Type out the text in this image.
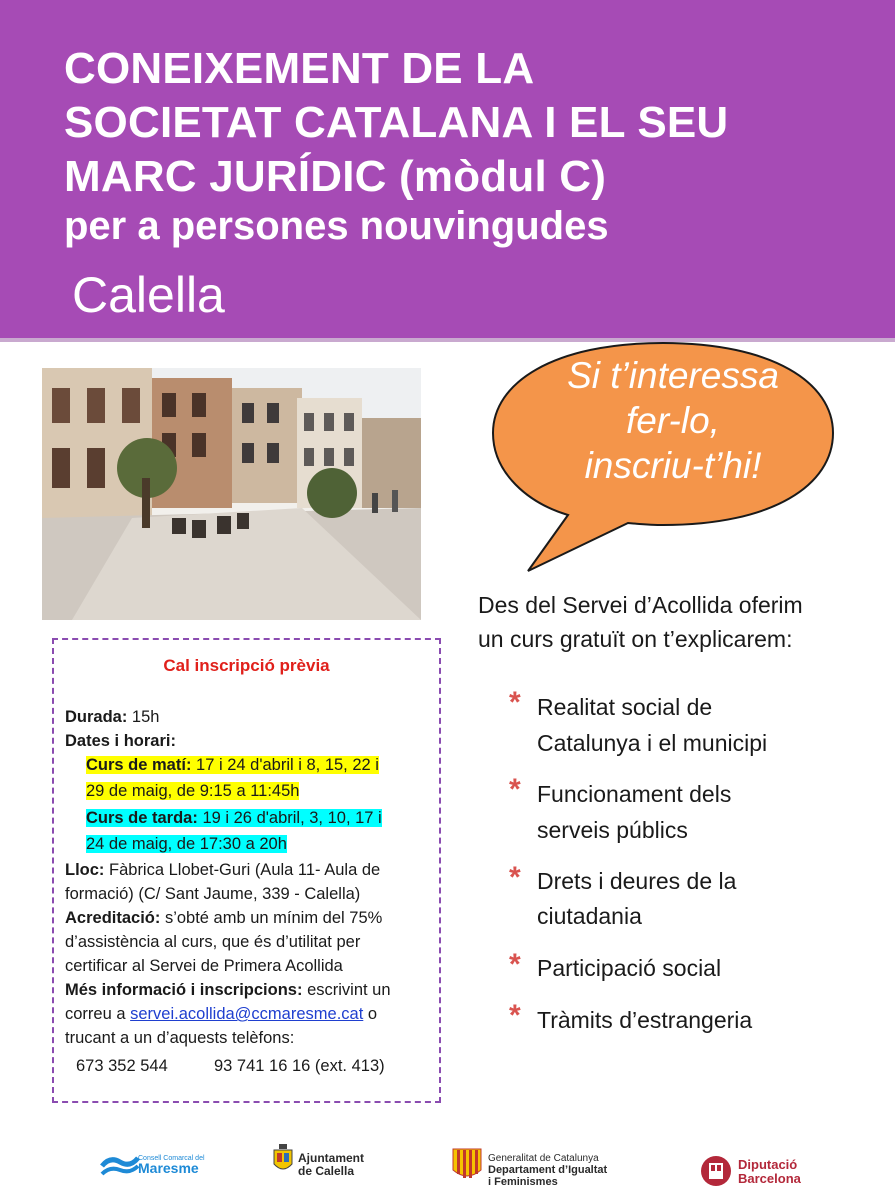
CONEIXEMENT DE LA
SOCIETAT CATALANA I EL SEU
MARC JURÍDIC (mòdul C)
per a persones nouvingudes
Calella
Si t’interessa
fer-lo,
inscriu-t’hi!
Cal inscripció prèvia
Durada: 15h
Dates i horari:
Curs de matí: 17 i 24 d'abril i 8, 15, 22 i
29 de maig, de 9:15 a 11:45h
Curs de tarda: 19 i 26 d'abril, 3, 10, 17 i
24 de maig, de 17:30 a 20h
Lloc: Fàbrica Llobet-Guri (Aula 11- Aula de
formació) (C/ Sant Jaume, 339 - Calella)
Acreditació: s’obté amb un mínim del 75%
d’assistència al curs, que és d’utilitat per
certificar al Servei de Primera Acollida
Més informació i inscripcions: escrivint un
correu a servei.acollida@ccmaresme.cat o
trucant a un d’aquests telèfons:
673 352 544	93 741 16 16 (ext. 413)
Des del Servei d’Acollida oferim
un curs gratuït on t’explicarem:
* Realitat social de
Catalunya i el municipi
* Funcionament dels
serveis públics
* Drets i deures de la
ciutadania
* Participació social
* Tràmits d’estrangeria
Consell Comarcal del
Maresme
Ajuntament
de Calella
Generalitat de Catalunya
Departament d’Igualtat
i Feminismes
Diputació
Barcelona
